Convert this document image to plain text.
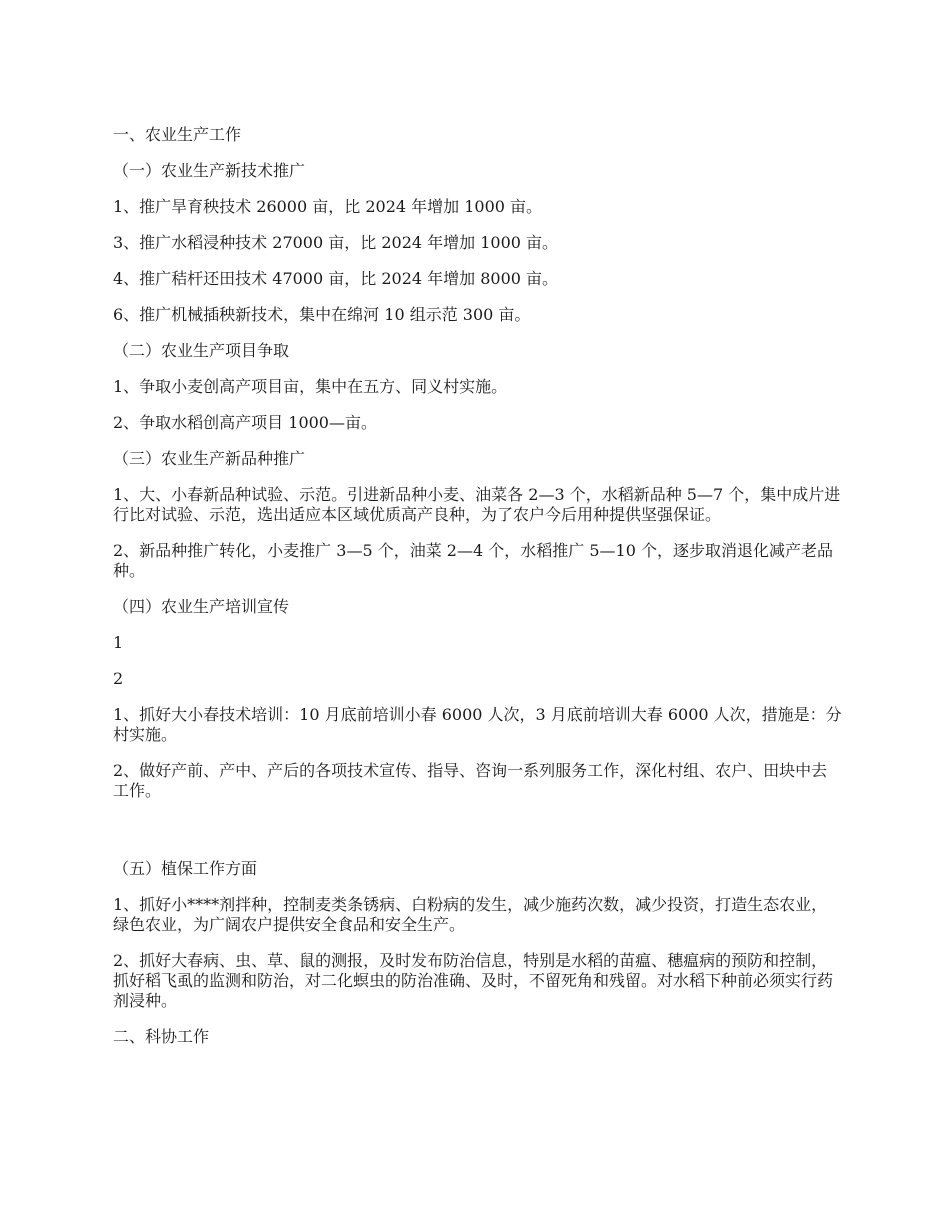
一、农业生产工作

（一）农业生产新技术推广

1、推广旱育秧技术 26000 亩，比 2024 年增加 1000 亩。

3、推广水稻浸种技术 27000 亩，比 2024 年增加 1000 亩。

4、推广秸杆还田技术 47000 亩，比 2024 年增加 8000 亩。

6、推广机械插秧新技术，集中在绵河 10 组示范 300 亩。

（二）农业生产项目争取

1、争取小麦创高产项目亩，集中在五方、同义村实施。

2、争取水稻创高产项目 1000—亩。

（三）农业生产新品种推广

1、大、小春新品种试验、示范。引进新品种小麦、油菜各 2—3 个，水稻新品种 5—7 个，集中成片进行比对试验、示范，选出适应本区域优质高产良种，为了农户今后用种提供坚强保证。

2、新品种推广转化，小麦推广 3—5 个，油菜 2—4 个，水稻推广 5—10 个，逐步取消退化减产老品种。

（四）农业生产培训宣传

1

2

1、抓好大小春技术培训：10 月底前培训小春 6000 人次，3 月底前培训大春 6000 人次，措施是：分村实施。

2、做好产前、产中、产后的各项技术宣传、指导、咨询一系列服务工作，深化村组、农户、田块中去工作。

（五）植保工作方面

1、抓好小****剂拌种，控制麦类条锈病、白粉病的发生，减少施药次数，减少投资，打造生态农业，绿色农业，为广阔农户提供安全食品和安全生产。

2、抓好大春病、虫、草、鼠的测报，及时发布防治信息，特别是水稻的苗瘟、穗瘟病的预防和控制，抓好稻飞虱的监测和防治，对二化螟虫的防治准确、及时，不留死角和残留。对水稻下种前必须实行药剂浸种。

二、科协工作
